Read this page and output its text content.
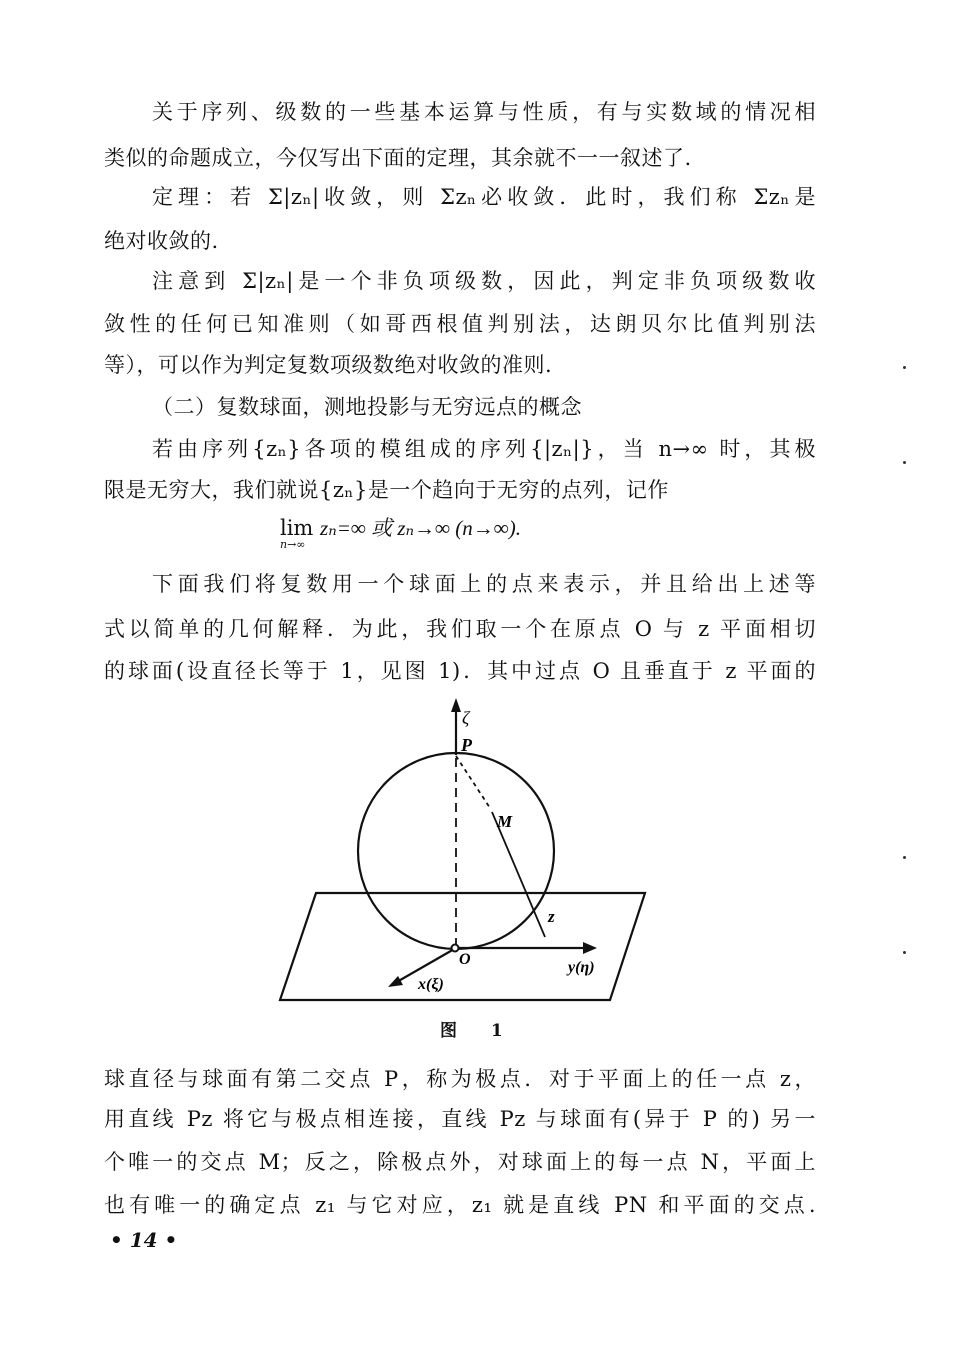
关于序列、级数的一些基本运算与性质，有与实数域的情况相
类似的命题成立，今仅写出下面的定理，其余就不一一叙述了.
定理：若 Σ|zₙ|收敛，则 Σzₙ必收敛．此时，我们称 Σzₙ是
绝对收敛的.
注意到 Σ|zₙ|是一个非负项级数，因此，判定非负项级数收
敛性的任何已知准则（如哥西根值判别法，达朗贝尔比值判别法
等），可以作为判定复数项级数绝对收敛的准则.
（二）复数球面，测地投影与无穷远点的概念
若由序列{zₙ}各项的模组成的序列{|zₙ|}，当 n→∞ 时，其极
限是无穷大，我们就说{zₙ}是一个趋向于无穷的点列，记作
lim
n→∞
zₙ=∞ 或 zₙ→∞ (n→∞).
下面我们将复数用一个球面上的点来表示，并且给出上述等
式以简单的几何解释．为此，我们取一个在原点 O 与 z 平面相切
的球面(设直径长等于 1，见图 1)．其中过点 O 且垂直于 z 平面的
ζ
P
M
z
O	y(η)
x(ξ)
图 1
球直径与球面有第二交点 P，称为极点．对于平面上的任一点 z，
用直线 Pz 将它与极点相连接，直线 Pz 与球面有(异于 P 的) 另一
个唯一的交点 M；反之，除极点外，对球面上的每一点 N，平面上
也有唯一的确定点 z₁ 与它对应，z₁ 就是直线 PN 和平面的交点.
• 14 •
